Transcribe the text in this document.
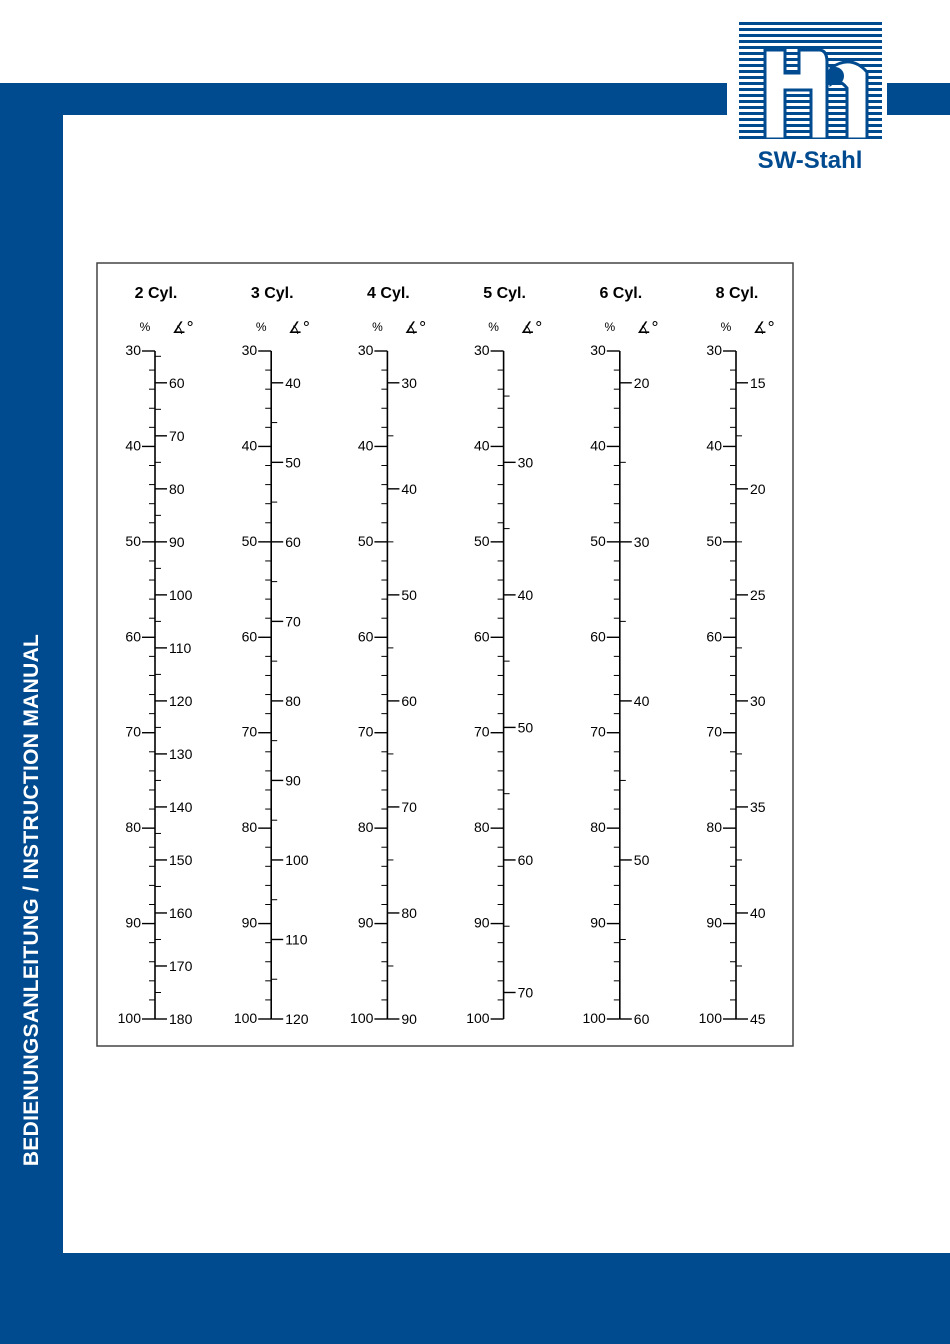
BEDIENUNGSANLEITUNG / INSTRUCTION MANUAL
SW-Stahl
2 Cyl.
% ∡°
30
40
50
60
70
80
90
100
60
70
80
90
100
110
120
130
140
150
160
170
180
3 Cyl.
% ∡°
30
40
50
60
70
80
90
100
40
50
60
70
80
90
100
110
120
4 Cyl.
% ∡°
30
40
50
60
70
80
90
100
30
40
50
60
70
80
90
5 Cyl.
% ∡°
30
40
50
60
70
80
90
100
30
40
50
60
70
6 Cyl.
% ∡°
30
40
50
60
70
80
90
100
20
30
40
50
60
8 Cyl.
% ∡°
30
40
50
60
70
80
90
100
15
20
25
30
35
40
45
